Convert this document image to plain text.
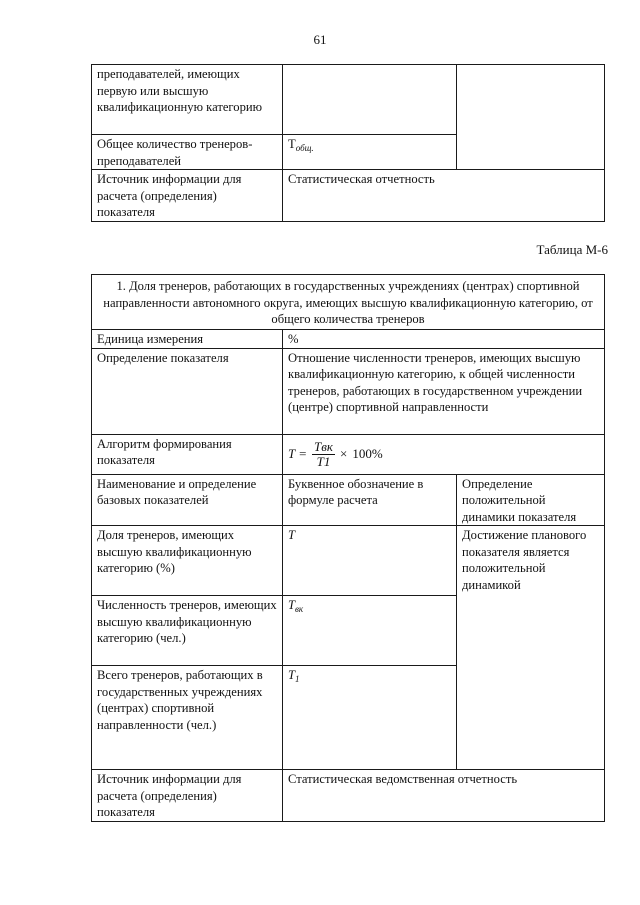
61
преподавателей, имеющих первую или высшую квалификационную категорию		
Общее количество тренеров-преподавателей	$Т_{общ.}$
Источник информации для расчета (определения) показателя	Статистическая отчетность	
Таблица М-6
1. Доля тренеров, работающих в государственных учреждениях (центрах) спортивной направленности автономного округа, имеющих высшую квалификационную категорию, от общего количества тренеров		
Единица измерения	%	
Определение показателя	Отношение численности тренеров, имеющих высшую квалификационную категорию, к общей численности тренеров, работающих в государственном учреждении (центре) спортивной направленности	
Алгоритм формирования показателя	$T = \frac{\text{Tвк}}{T1} \times 100\%$	

Наименование и определение базовых показателей	Буквенное обозначение в формуле расчета	Определение положительной динамики показателя
Доля тренеров, имеющих высшую квалификационную категорию (%)	T	Достижение планового показателя является положительной динамикой
Численность тренеров, имеющих высшую квалификационную категорию (чел.)	$T_{вк}$
Всего тренеров, работающих в государственных учреждениях (центрах) спортивной направленности (чел.)	$T_1$
Источник информации для расчета (определения) показателя	Статистическая ведомственная отчетность	
